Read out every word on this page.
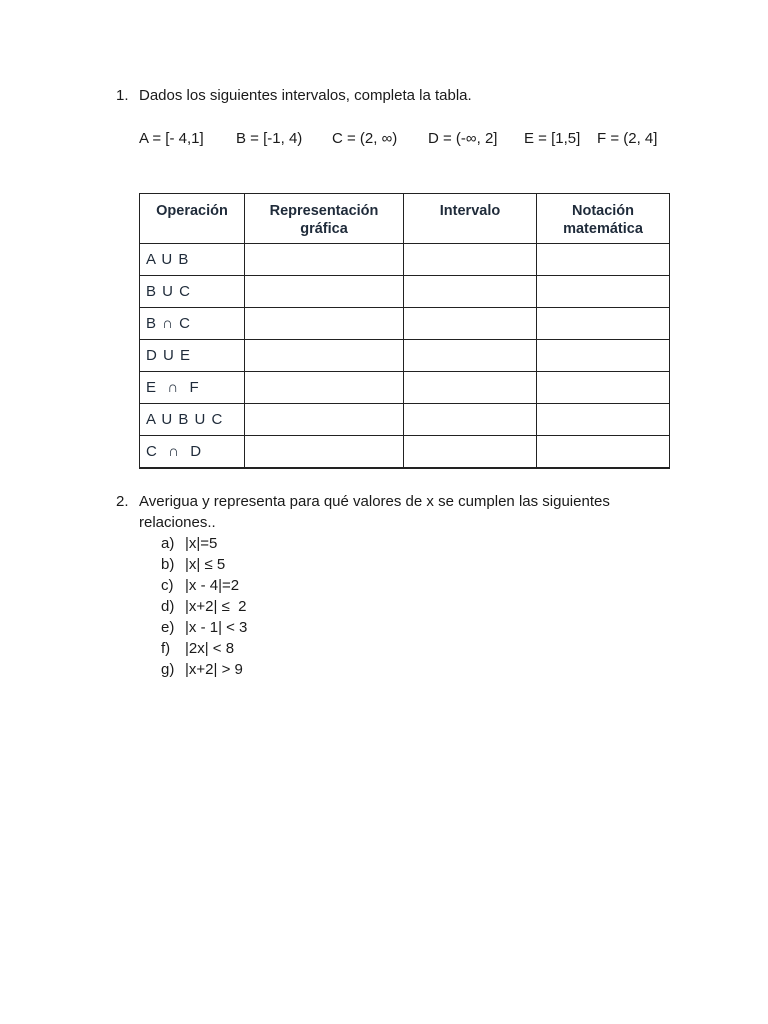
1. Dados los siguientes intervalos, completa la tabla.
A = [- 4,1] B = [-1, 4) C = (2, ∞) D = (-∞, 2] E = [1,5] F = (2, 4]
Operación	Representación gráfica	Intervalo	Notación matemática
A U B			
B U C			
B ∩ C			
D U E			
E  ∩  F			
A U B U C			
C  ∩  D			
2. Averigua y representa para qué valores de x se cumplen las siguientes relaciones..
a) |x|=5
b) |x| ≤ 5
c) |x - 4|=2
d) |x+2| ≤  2
e) |x - 1| < 3
f) |2x| < 8
g) |x+2| > 9
